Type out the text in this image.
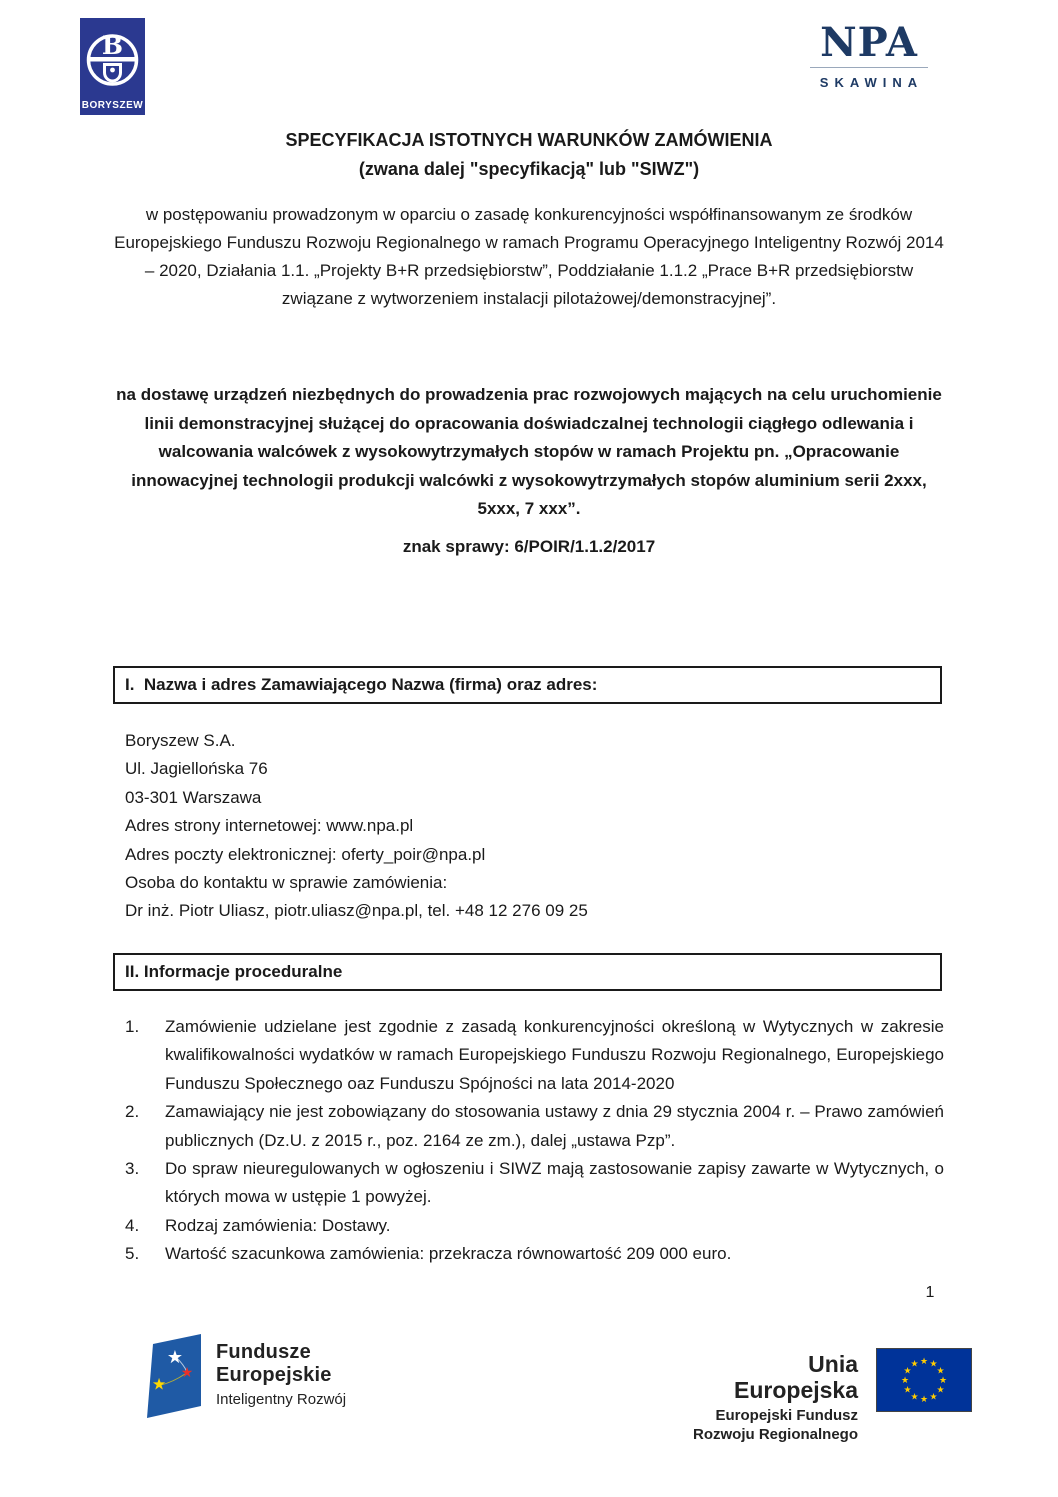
B
BORYSZEW
NPA
SKAWINA
SPECYFIKACJA ISTOTNYCH WARUNKÓW ZAMÓWIENIA
(zwana dalej "specyfikacją" lub "SIWZ")
w postępowaniu prowadzonym w oparciu o zasadę konkurencyjności współfinansowanym ze środków Europejskiego Funduszu Rozwoju Regionalnego w ramach Programu Operacyjnego Inteligentny Rozwój 2014 – 2020, Działania 1.1. „Projekty B+R przedsiębiorstw”, Poddziałanie 1.1.2 „Prace B+R przedsiębiorstw związane z wytworzeniem instalacji pilotażowej/demonstracyjnej”.
na dostawę urządzeń niezbędnych do prowadzenia prac rozwojowych mających na celu uruchomienie linii demonstracyjnej służącej do opracowania doświadczalnej technologii ciągłego odlewania i walcowania walcówek z wysokowytrzymałych stopów w ramach Projektu pn. „Opracowanie innowacyjnej technologii produkcji walcówki z wysokowytrzymałych stopów aluminium serii 2xxx, 5xxx, 7 xxx”.
znak sprawy: 6/POIR/1.1.2/2017
I.  Nazwa i adres Zamawiającego Nazwa (firma) oraz adres:
Boryszew S.A.
Ul. Jagiellońska 76
03-301 Warszawa
Adres strony internetowej: www.npa.pl
Adres poczty elektronicznej: oferty_poir@npa.pl
Osoba do kontaktu w sprawie zamówienia:
Dr inż. Piotr Uliasz, piotr.uliasz@npa.pl, tel. +48 12 276 09 25
II. Informacje proceduralne
1.	Zamówienie udzielane jest zgodnie z zasadą konkurencyjności określoną w Wytycznych w zakresie kwalifikowalności wydatków w ramach Europejskiego Funduszu Rozwoju Regionalnego, Europejskiego Funduszu Społecznego oaz Funduszu Spójności na lata 2014-2020
2.	Zamawiający nie jest zobowiązany do stosowania ustawy z dnia 29 stycznia 2004 r. – Prawo zamówień publicznych (Dz.U. z 2015 r., poz. 2164 ze zm.), dalej „ustawa Pzp”.
3.	Do spraw nieuregulowanych w ogłoszeniu i SIWZ mają zastosowanie zapisy zawarte w Wytycznych, o których mowa w ustępie 1 powyżej.
4.	Rodzaj zamówienia: Dostawy.
5.	Wartość szacunkowa zamówienia: przekracza równowartość 209 000 euro.
1
★
★
★
Fundusze
Europejskie
Inteligentny Rozwój
Unia Europejska
Europejski Fundusz
Rozwoju Regionalnego
★ ★
★
★
★
★
★
★
★
★
★
★
